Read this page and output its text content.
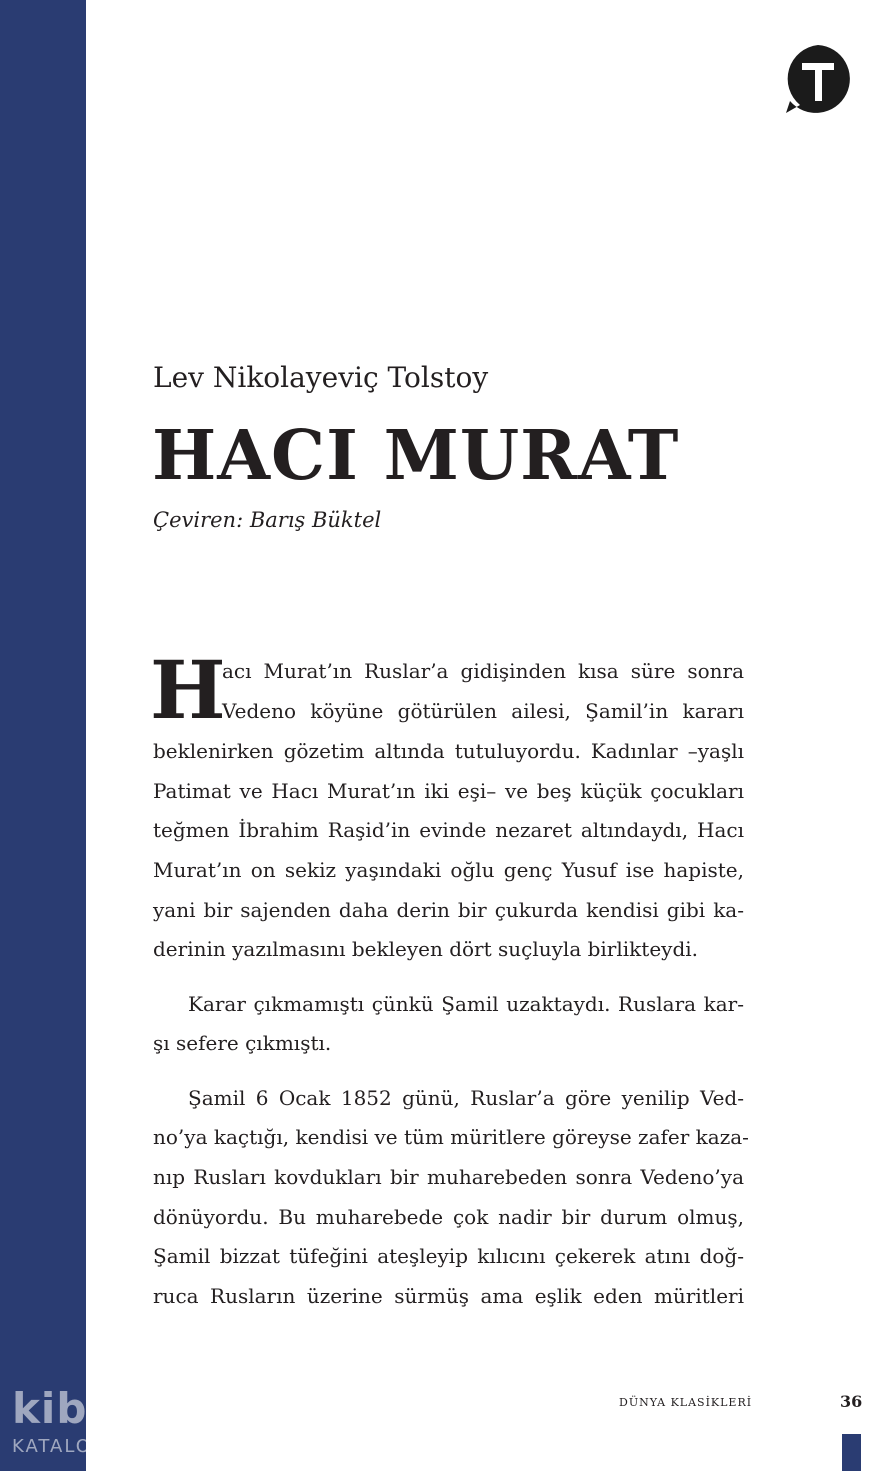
kib
KATALOG
Lev Nikolayeviç Tolstoy
HACI MURAT
Çeviren: Barış Büktel
H
acı Murat’ın Ruslar’a gidişinden kısa süre sonra
Vedeno köyüne götürülen ailesi, Şamil’in kararı
beklenirken gözetim altında tutuluyordu. Kadınlar –yaşlı
Patimat ve Hacı Murat’ın iki eşi– ve beş küçük çocukları
teğmen İbrahim Raşid’in evinde nezaret altındaydı, Hacı
Murat’ın on sekiz yaşındaki oğlu genç Yusuf ise hapiste,
yani bir sajenden daha derin bir çukurda kendisi gibi ka-
derinin yazılmasını bekleyen dört suçluyla birlikteydi.
Karar çıkmamıştı çünkü Şamil uzaktaydı. Ruslara kar-
şı sefere çıkmıştı.
Şamil 6 Ocak 1852 günü, Ruslar’a göre yenilip Ved-
no’ya kaçtığı, kendisi ve tüm müritlere göreyse zafer kaza-
nıp Rusları kovdukları bir muharebeden sonra Vedeno’ya
dönüyordu. Bu muharebede çok nadir bir durum olmuş,
Şamil bizzat tüfeğini ateşleyip kılıcını çekerek atını doğ-
ruca Rusların üzerine sürmüş ama eşlik eden müritleri
DÜNYA KLASİKLERİ	36
